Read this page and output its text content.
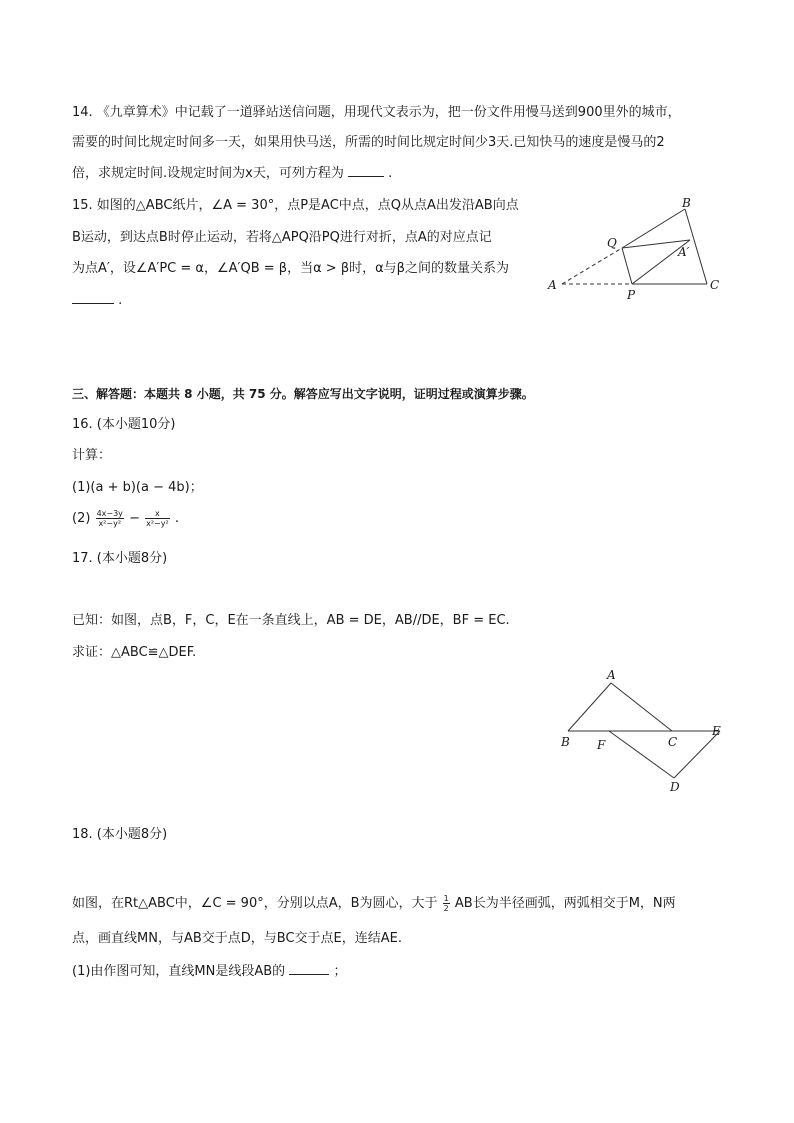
14. 《九章算术》中记载了一道驿站送信问题，用现代文表示为，把一份文件用慢马送到900里外的城市，
需要的时间比规定时间多一天，如果用快马送，所需的时间比规定时间少3天.已知快马的速度是慢马的2
倍，求规定时间.设规定时间为x天，可列方程为	.
15. 如图的△ABC纸片，∠A = 30°，点P是AC中点，点Q从点A出发沿AB向点
B运动，到达点B时停止运动，若将△APQ沿PQ进行对折，点A的对应点记
为点A′，设∠A′PC = α，∠A′QB = β，当α > β时，α与β之间的数量关系为
.
A
B
C
P
Q
A′
三、解答题：本题共 8 小题，共 75 分。解答应写出文字说明，证明过程或演算步骤。
16. (本小题10分)
计算：
(1)(a + b)(a − 4b)；
$(2) \frac{4x-3y}{\text{x²−y²}} - \frac{x}{\text{x²−y²}}$ .
17. (本小题8分)
已知：如图，点B，F，C，E在一条直线上，AB = DE，AB//DE，BF = EC.
求证：△ABC≌△DEF.
A
B F	C
E
D
18. (本小题8分)
如图，在Rt△ABC中，∠C = 90°，分别以点A，B为圆心，大于 $\frac{1}{2}$ AB长为半径画弧，两弧相交于M，N两
点，画直线MN，与AB交于点D，与BC交于点E，连结AE.
(1)由作图可知，直线MN是线段AB的	；
